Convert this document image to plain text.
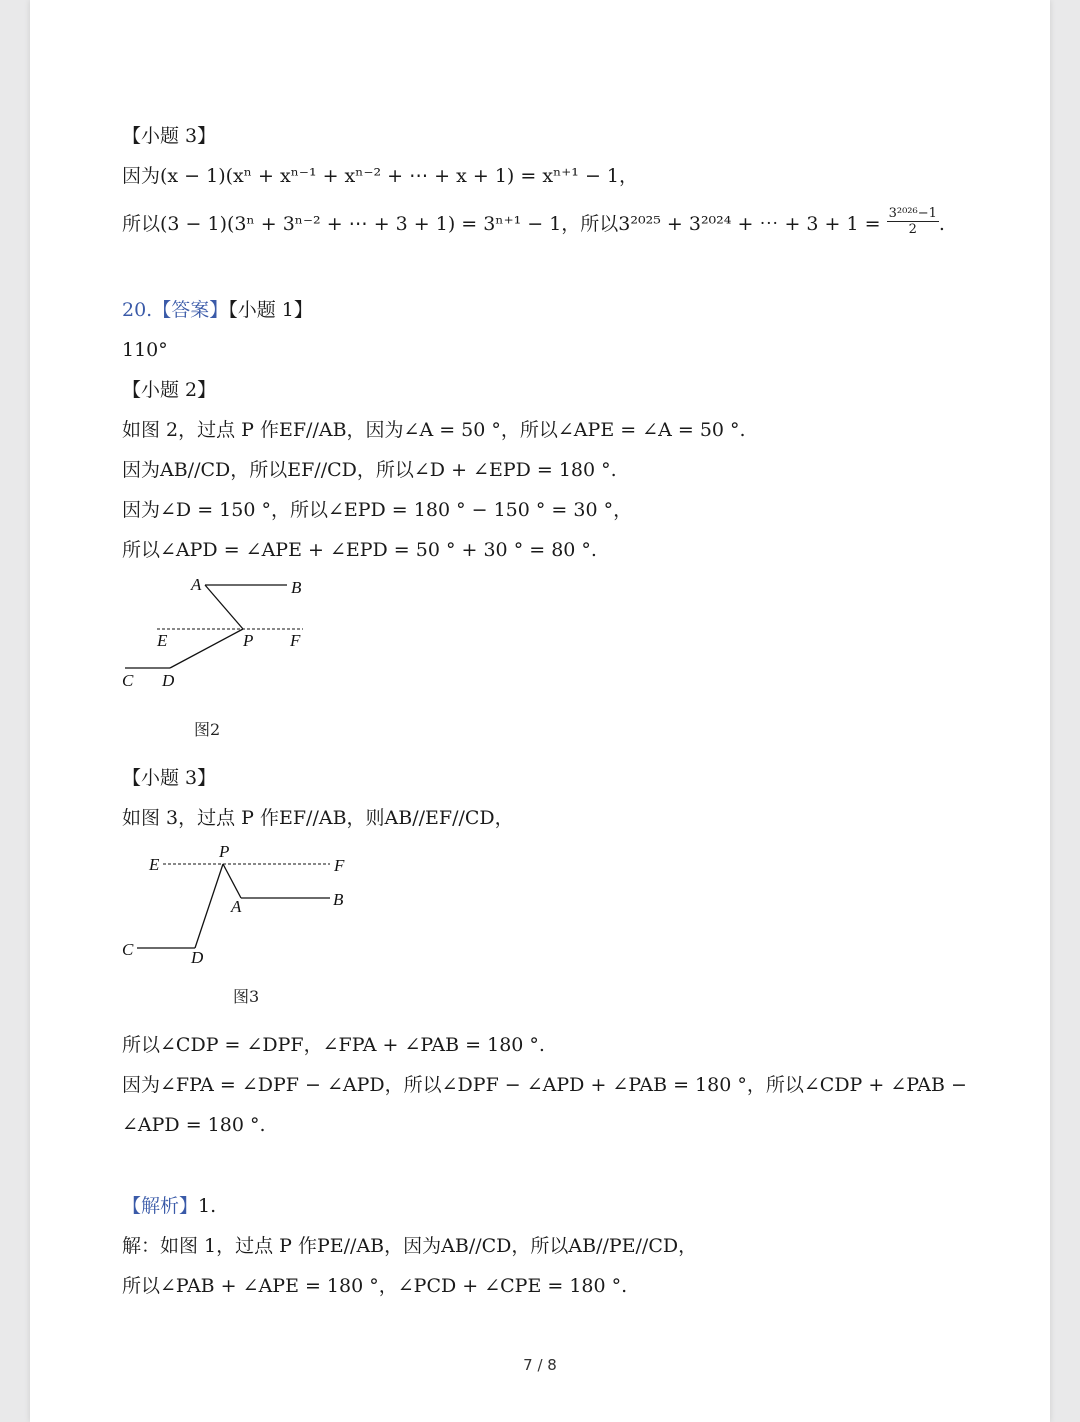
【小题 3】
因为(x − 1)(xⁿ + xⁿ⁻¹ + xⁿ⁻² + ⋯ + x + 1) = xⁿ⁺¹ − 1，
所以(3 − 1)(3ⁿ + 3ⁿ⁻² + ⋯ + 3 + 1) = 3ⁿ⁺¹ − 1，所以3²⁰²⁵ + 3²⁰²⁴ + ⋯ + $3 + 1 = \frac{\text{3²⁰²⁶−1}}{2}$ .
20.【答案】【小题 1】
110°
【小题 2】
如图 2，过点 P 作EF//AB，因为∠A = 50 °，所以∠APE = ∠A = 50 °.
因为AB//CD，所以EF//CD，所以∠D + ∠EPD = 180 °.
因为∠D = 150 °，所以∠EPD = 180 ° − 150 ° = 30 °，
所以∠APD = ∠APE + ∠EPD = 50 ° + 30 ° = 80 °.
A	B
E	P F
C D
图2
【小题 3】
如图 3，过点 P 作EF//AB，则AB//EF//CD，
E
P
F
A	B
C	D
图3
所以∠CDP = ∠DPF，∠FPA + ∠PAB = 180 °.
因为∠FPA = ∠DPF − ∠APD，所以∠DPF − ∠APD + ∠PAB = 180 °，所以∠CDP + ∠PAB −
∠APD = 180 °.
【解析】1.
解：如图 1，过点 P 作PE//AB，因为AB//CD，所以AB//PE//CD，
所以∠PAB + ∠APE = 180 °，∠PCD + ∠CPE = 180 °.
7 / 8
